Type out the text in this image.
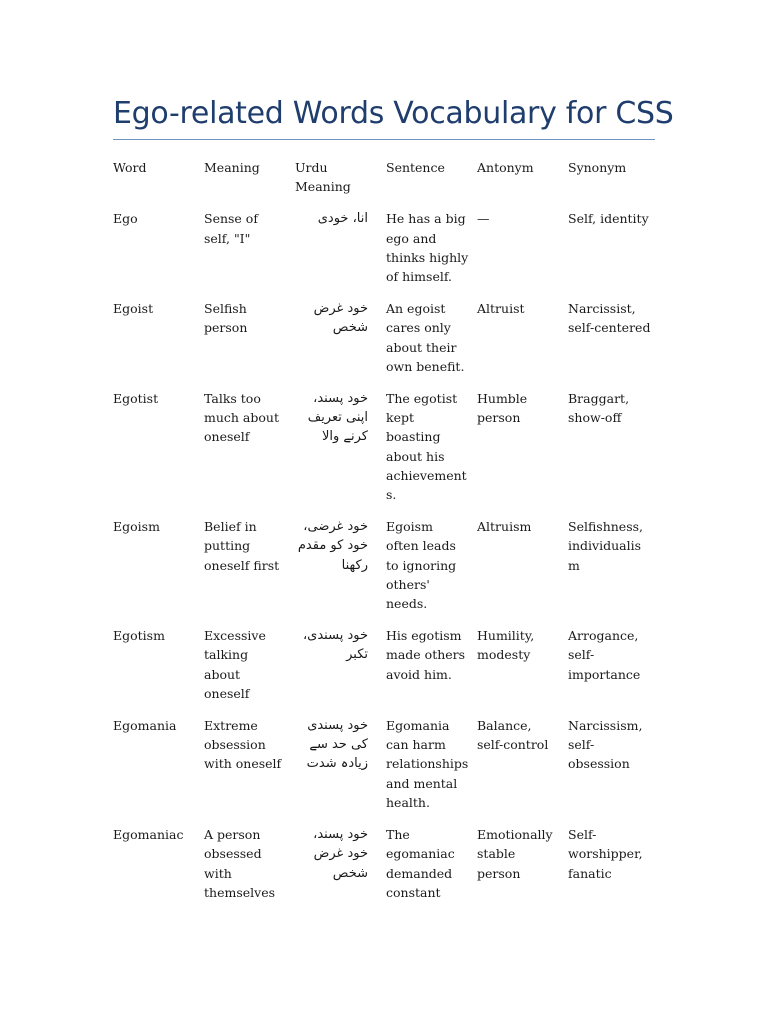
Ego-related Words Vocabulary for CSS
Word	Meaning	Urdu Meaning	Sentence	Antonym	Synonym
Ego	Sense of self, "I"	انا، خودی	He has a big ego and thinks highly of himself.	—	Self, identity
Egoist	Selfish person	خود غرض شخص	An egoist cares only about their own benefit.	Altruist	Narcissist, self-centered
Egotist	Talks too much about oneself	خود پسند، اپنی تعریف کرنے والا	The egotist kept boasting about his achievements.	Humble person	Braggart, show-off
Egoism	Belief in putting oneself first	خود غرضی، خود کو مقدم رکھنا	Egoism often leads to ignoring others' needs.	Altruism	Selfishness, individualism
Egotism	Excessive talking about oneself	خود پسندی، تکبر	His egotism made others avoid him.	Humility, modesty	Arrogance, self-importance
Egomania	Extreme obsession with oneself	خود پسندی کی حد سے زیادہ شدت	Egomania can harm relationships and mental health.	Balance, self-control	Narcissism, self-obsession
Egomaniac	A person obsessed with themselves	خود پسند، خود غرض شخص	The egomaniac demanded constant	Emotionally stable person	Self-worshipper, fanatic
